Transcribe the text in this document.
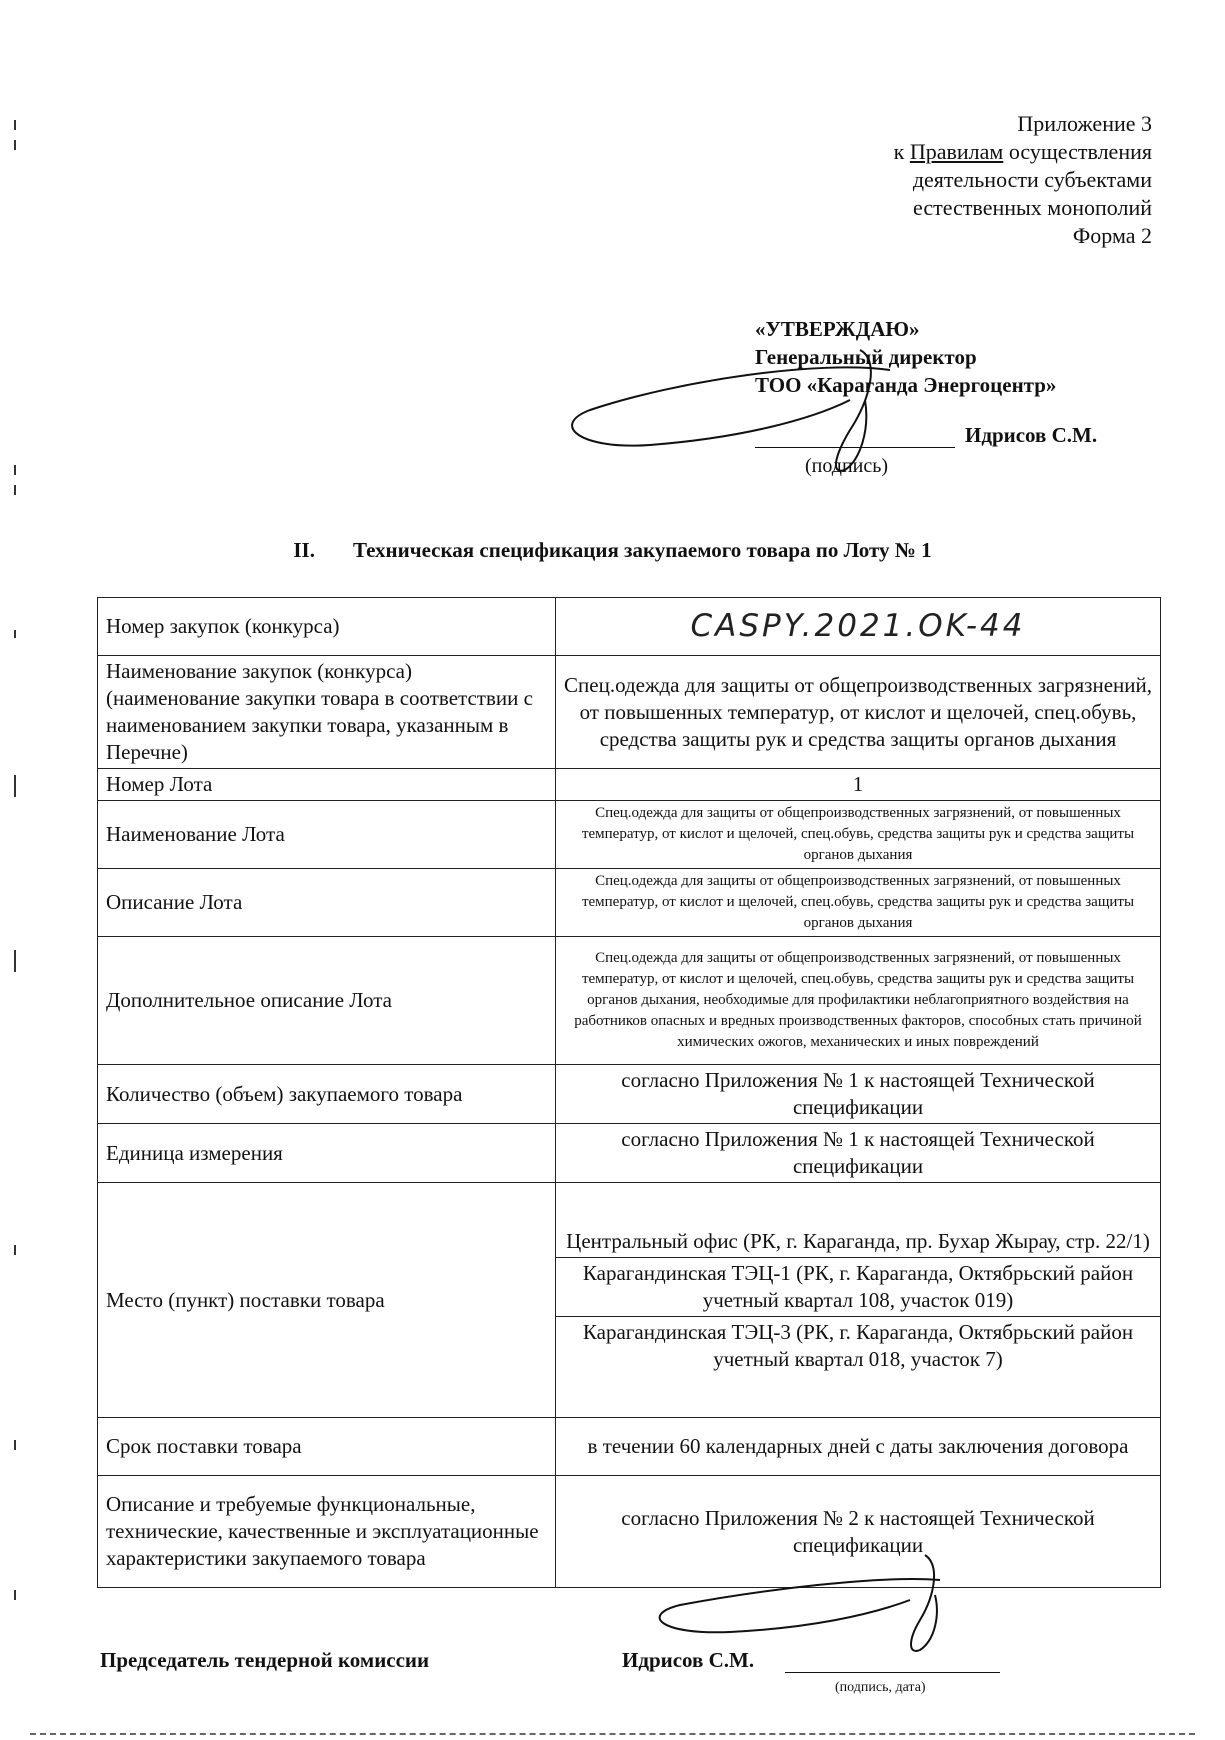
Приложение 3
к Правилам осуществления
деятельности субъектами
естественных монополий
Форма 2
«УТВЕРЖДАЮ»
Генеральный директор
ТОО «Караганда Энергоцентр»
Идрисов С.М.
(подпись)
II. Техническая спецификация закупаемого товара по Лоту № 1
Номер закупок (конкурса)	CASPY.2021.OK-44
Наименование закупок (конкурса) (наименование закупки товара в соответствии с наименованием закупки товара, указанным в Перечне)	Спец.одежда для защиты от общепроизводственных загрязнений, от повышенных температур, от кислот и щелочей, спец.обувь, средства защиты рук и средства защиты органов дыхания
Номер Лота	1
Наименование Лота	Спец.одежда для защиты от общепроизводственных загрязнений, от повышенных температур, от кислот и щелочей, спец.обувь, средства защиты рук и средства защиты органов дыхания
Описание Лота	Спец.одежда для защиты от общепроизводственных загрязнений, от повышенных температур, от кислот и щелочей, спец.обувь, средства защиты рук и средства защиты органов дыхания
Дополнительное описание Лота	Спец.одежда для защиты от общепроизводственных загрязнений, от повышенных температур, от кислот и щелочей, спец.обувь, средства защиты рук и средства защиты органов дыхания, необходимые для профилактики неблагоприятного воздействия на работников опасных и вредных производственных факторов, способных стать причиной химических ожогов, механических и иных повреждений
Количество (объем) закупаемого товара	согласно Приложения № 1 к настоящей Технической спецификации
Единица измерения	согласно Приложения № 1 к настоящей Технической спецификации
Место (пункт) поставки товара	Центральный офис (РК, г. Караганда, пр. Бухар Жырау, стр. 22/1)
Карагандинская ТЭЦ-1 (РК, г. Караганда, Октябрьский район учетный квартал 108, участок 019)
Карагандинская ТЭЦ-3 (РК, г. Караганда, Октябрьский район учетный квартал 018, участок 7)

Срок поставки товара	в течении 60 календарных дней с даты заключения договора
Описание и требуемые функциональные, технические, качественные и эксплуатационные характеристики закупаемого товара	согласно Приложения № 2 к настоящей Технической спецификации
Председатель тендерной комиссии	Идрисов С.М.
(подпись, дата)
